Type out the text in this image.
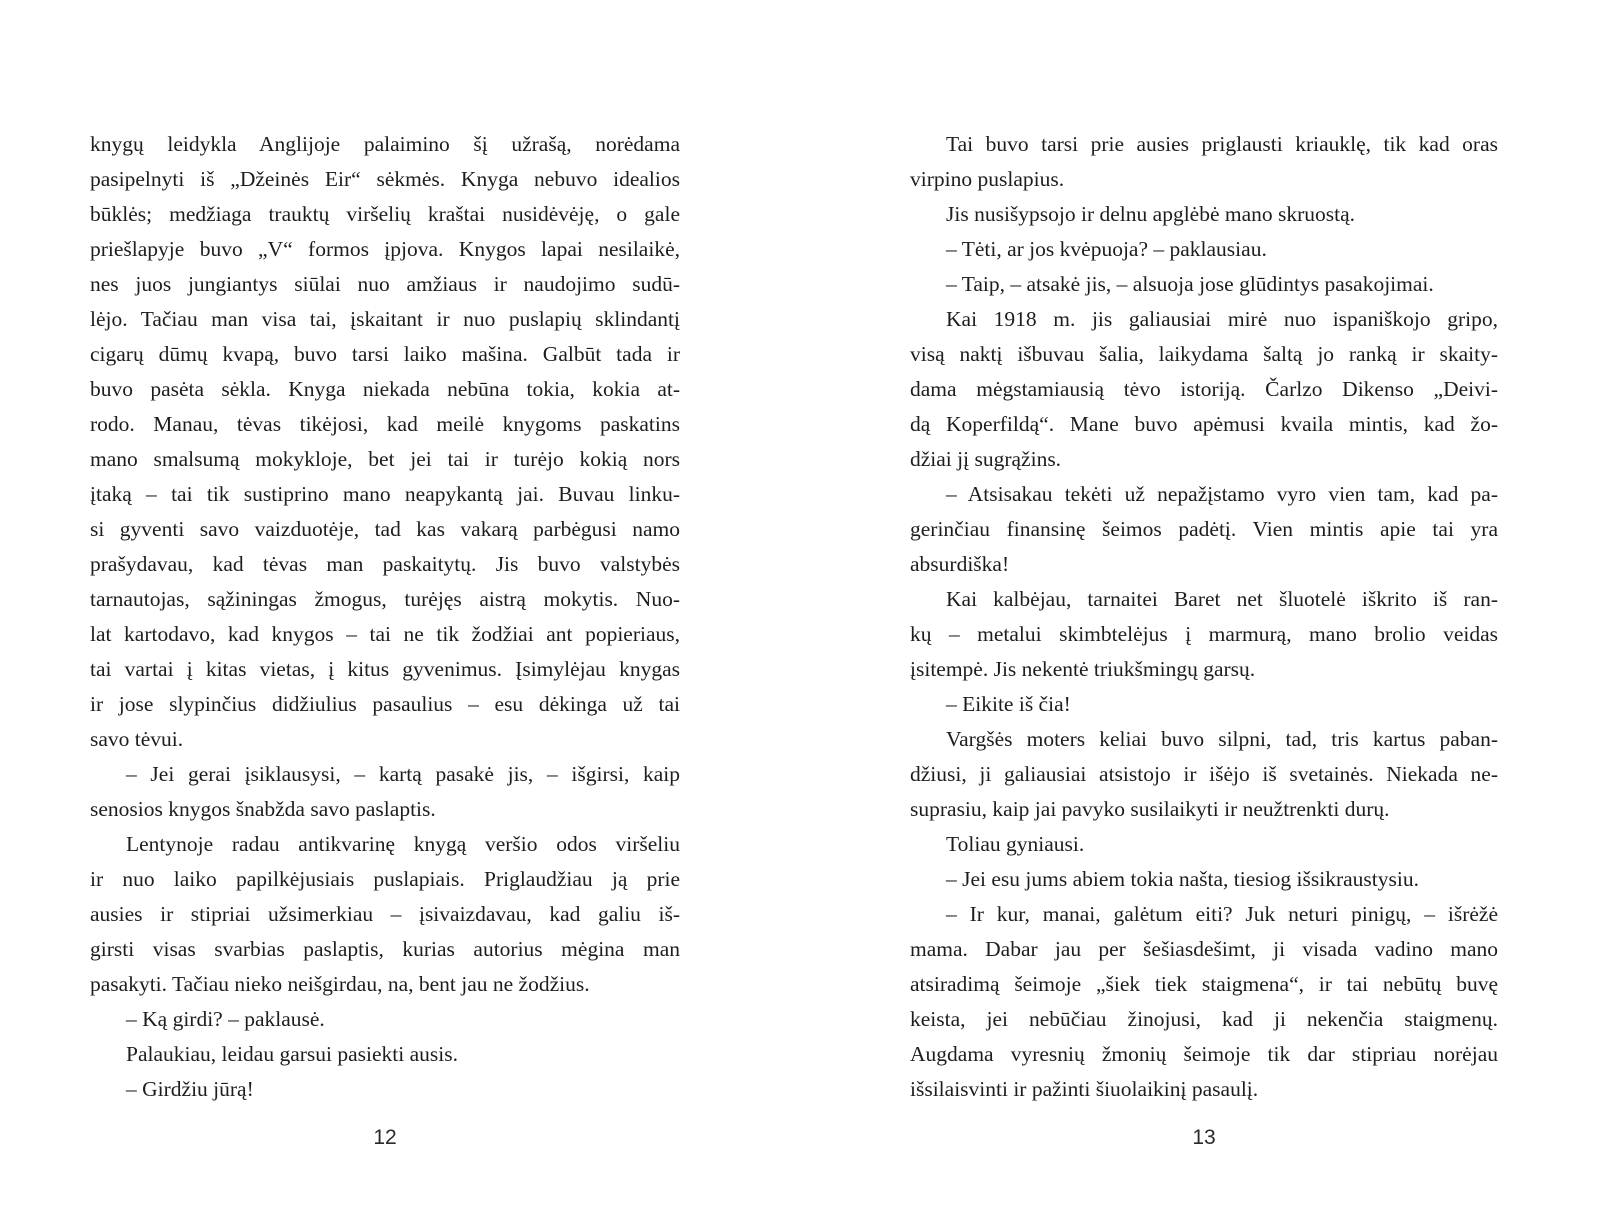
knygų leidykla Anglijoje palaimino šį užrašą, norėdama
pasipelnyti iš „Džeinės Eir“ sėkmės. Knyga nebuvo idealios
būklės; medžiaga trauktų viršelių kraštai nusidėvėję, o gale
priešlapyje buvo „V“ formos įpjova. Knygos lapai nesilaikė,
nes juos jungiantys siūlai nuo amžiaus ir naudojimo sudū-
lėjo. Tačiau man visa tai, įskaitant ir nuo puslapių sklindantį
cigarų dūmų kvapą, buvo tarsi laiko mašina. Galbūt tada ir
buvo pasėta sėkla. Knyga niekada nebūna tokia, kokia at-
rodo. Manau, tėvas tikėjosi, kad meilė knygoms paskatins
mano smalsumą mokykloje, bet jei tai ir turėjo kokią nors
įtaką – tai tik sustiprino mano neapykantą jai. Buvau linku-
si gyventi savo vaizduotėje, tad kas vakarą parbėgusi namo
prašydavau, kad tėvas man paskaitytų. Jis buvo valstybės
tarnautojas, sąžiningas žmogus, turėjęs aistrą mokytis. Nuo-
lat kartodavo, kad knygos – tai ne tik žodžiai ant popieriaus,
tai vartai į kitas vietas, į kitus gyvenimus. Įsimylėjau knygas
ir jose slypinčius didžiulius pasaulius – esu dėkinga už tai
savo tėvui.
– Jei gerai įsiklausysi, – kartą pasakė jis, – išgirsi, kaip
senosios knygos šnabžda savo paslaptis.
Lentynoje radau antikvarinę knygą veršio odos viršeliu
ir nuo laiko papilkėjusiais puslapiais. Priglaudžiau ją prie
ausies ir stipriai užsimerkiau – įsivaizdavau, kad galiu iš-
girsti visas svarbias paslaptis, kurias autorius mėgina man
pasakyti. Tačiau nieko neišgirdau, na, bent jau ne žodžius.
– Ką girdi? – paklausė.
Palaukiau, leidau garsui pasiekti ausis.
– Girdžiu jūrą!
Tai buvo tarsi prie ausies priglausti kriauklę, tik kad oras
virpino puslapius.
Jis nusišypsojo ir delnu apglėbė mano skruostą.
– Tėti, ar jos kvėpuoja? – paklausiau.
– Taip, – atsakė jis, – alsuoja jose glūdintys pasakojimai.
Kai 1918 m. jis galiausiai mirė nuo ispaniškojo gripo,
visą naktį išbuvau šalia, laikydama šaltą jo ranką ir skaity-
dama mėgstamiausią tėvo istoriją. Čarlzo Dikenso „Deivi-
dą Koperfildą“. Mane buvo apėmusi kvaila mintis, kad žo-
džiai jį sugrąžins.
– Atsisakau tekėti už nepažįstamo vyro vien tam, kad pa-
gerinčiau finansinę šeimos padėtį. Vien mintis apie tai yra
absurdiška!
Kai kalbėjau, tarnaitei Baret net šluotelė iškrito iš ran-
kų – metalui skimbtelėjus į marmurą, mano brolio veidas
įsitempė. Jis nekentė triukšmingų garsų.
– Eikite iš čia!
Vargšės moters keliai buvo silpni, tad, tris kartus paban-
džiusi, ji galiausiai atsistojo ir išėjo iš svetainės. Niekada ne-
suprasiu, kaip jai pavyko susilaikyti ir neužtrenkti durų.
Toliau gyniausi.
– Jei esu jums abiem tokia našta, tiesiog išsikraustysiu.
– Ir kur, manai, galėtum eiti? Juk neturi pinigų, – išrėžė
mama. Dabar jau per šešiasdešimt, ji visada vadino mano
atsiradimą šeimoje „šiek tiek staigmena“, ir tai nebūtų buvę
keista, jei nebūčiau žinojusi, kad ji nekenčia staigmenų.
Augdama vyresnių žmonių šeimoje tik dar stipriau norėjau
išsilaisvinti ir pažinti šiuolaikinį pasaulį.
12	13
